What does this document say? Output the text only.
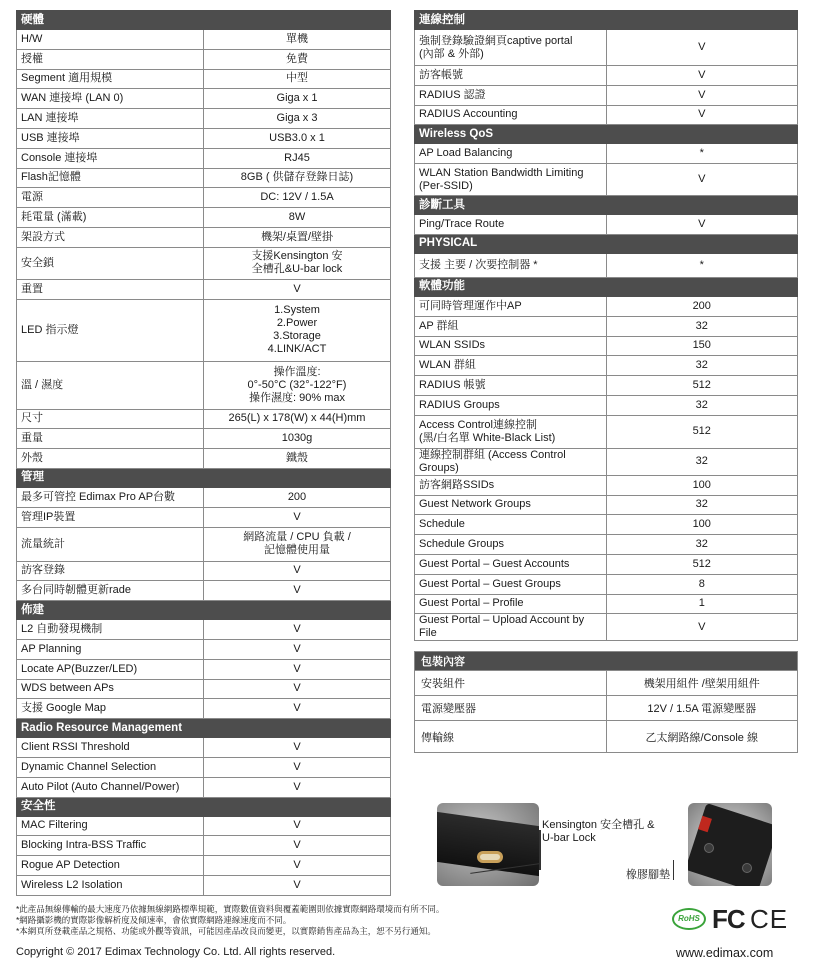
硬體	
H/W	單機
授權	免費
Segment 適用規模	中型
WAN 連接埠 (LAN 0)	Giga x 1
LAN 連接埠	Giga x 3
USB 連接埠	USB3.0 x 1
Console 連接埠	RJ45
Flash記憶體	8GB ( 供儲存登錄日誌)
電源	DC: 12V / 1.5A
耗電量 (滿載)	8W
架設方式	機架/桌置/壁掛
安全鎖	支援Kensington 安
全槽孔&U-bar lock
重置	V
LED 指示燈	1.System
2.Power
3.Storage
4.LINK/ACT
溫 / 濕度	操作溫度:
0°-50°C (32°-122°F)
操作濕度: 90% max
尺寸	265(L) x 178(W) x 44(H)mm
重量	1030g
外殼	鐵殼
管理	
最多可管控 Edimax Pro AP台數	200
管理IP裝置	V
流量統計	網路流量 / CPU 負載 /
記憶體使用量
訪客登錄	V
多台同時韌體更新rade	V
佈建	
L2 自動發現機制	V
AP Planning	V
Locate AP(Buzzer/LED)	V
WDS between APs	V
支援 Google Map	V
Radio Resource Management	
Client RSSI Threshold	V
Dynamic Channel Selection	V
Auto Pilot (Auto Channel/Power)	V
安全性	
MAC Filtering	V
Blocking Intra-BSS Traffic	V
Rogue AP Detection	V
Wireless L2 Isolation	V
連線控制	
強制登錄驗證網頁captive portal
(內部 & 外部)	V
訪客帳號	V
RADIUS 認證	V
RADIUS Accounting	V
Wireless QoS	
AP Load Balancing	*
WLAN Station Bandwidth Limiting
(Per-SSID)	V
診斷工具	
Ping/Trace Route	V
PHYSICAL	
支援 主要 / 次要控制器 *	*
軟體功能	
可同時管理運作中AP	200
AP 群組	32
WLAN SSIDs	150
WLAN 群組	32
RADIUS 帳號	512
RADIUS Groups	32
Access Control連線控制
(黑/白名單 White-Black List)	512
連線控制群組 (Access Control Groups)	32
訪客網路SSIDs	100
Guest Network Groups	32
Schedule	100
Schedule Groups	32
Guest Portal – Guest Accounts	512
Guest Portal – Guest Groups	8
Guest Portal – Profile	1
Guest Portal – Upload Account by File	V
包裝內容	
安裝組件	機架用組件 /壁架用組件
電源變壓器	12V / 1.5A 電源變壓器
傳輸線	乙太網路線/Console 線
Kensington 安全槽孔 &
U-bar Lock
橡膠腳墊
*此產品無線傳輸的最大速度乃依據無線網路標準規範，實際數值資料與覆蓋範圍則依據實際網路環境而有所不同。
*網路攝影機的實際影像解析度及傾速率，會依實際網路連線速度而不同。
*本網頁所登載產品之規格、功能或外觀等資訊，可能因產品改良而變更，以實際銷售產品為主，恕不另行通知。
RoHS FC CE
Copyright © 2017 Edimax Technology Co. Ltd. All rights reserved.	www.edimax.com
